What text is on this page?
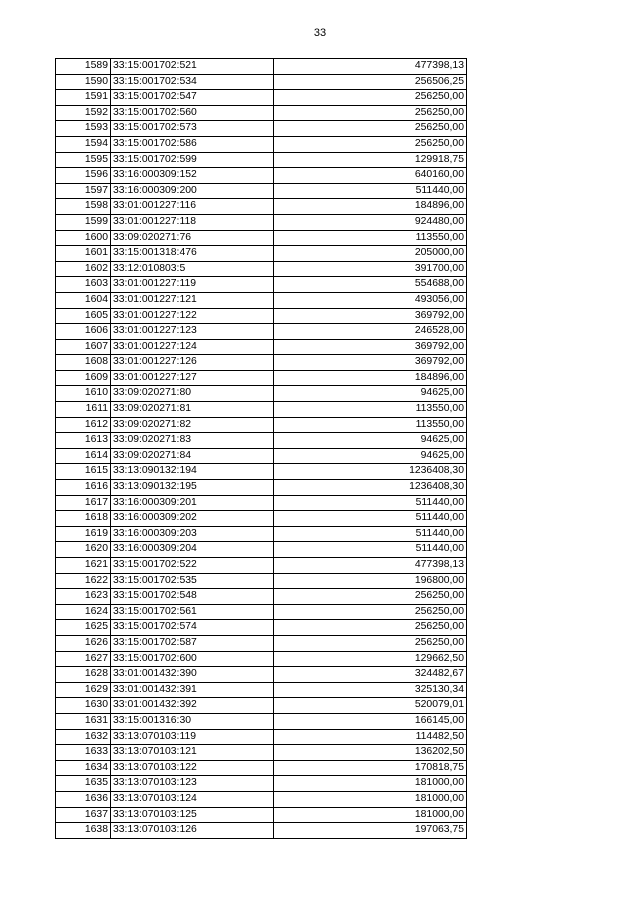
33
1589	33:15:001702:521	477398,13
1590	33:15:001702:534	256506,25
1591	33:15:001702:547	256250,00
1592	33:15:001702:560	256250,00
1593	33:15:001702:573	256250,00
1594	33:15:001702:586	256250,00
1595	33:15:001702:599	129918,75
1596	33:16:000309:152	640160,00
1597	33:16:000309:200	511440,00
1598	33:01:001227:116	184896,00
1599	33:01:001227:118	924480,00
1600	33:09:020271:76	113550,00
1601	33:15:001318:476	205000,00
1602	33:12:010803:5	391700,00
1603	33:01:001227:119	554688,00
1604	33:01:001227:121	493056,00
1605	33:01:001227:122	369792,00
1606	33:01:001227:123	246528,00
1607	33:01:001227:124	369792,00
1608	33:01:001227:126	369792,00
1609	33:01:001227:127	184896,00
1610	33:09:020271:80	94625,00
1611	33:09:020271:81	113550,00
1612	33:09:020271:82	113550,00
1613	33:09:020271:83	94625,00
1614	33:09:020271:84	94625,00
1615	33:13:090132:194	1236408,30
1616	33:13:090132:195	1236408,30
1617	33:16:000309:201	511440,00
1618	33:16:000309:202	511440,00
1619	33:16:000309:203	511440,00
1620	33:16:000309:204	511440,00
1621	33:15:001702:522	477398,13
1622	33:15:001702:535	196800,00
1623	33:15:001702:548	256250,00
1624	33:15:001702:561	256250,00
1625	33:15:001702:574	256250,00
1626	33:15:001702:587	256250,00
1627	33:15:001702:600	129662,50
1628	33:01:001432:390	324482,67
1629	33:01:001432:391	325130,34
1630	33:01:001432:392	520079,01
1631	33:15:001316:30	166145,00
1632	33:13:070103:119	114482,50
1633	33:13:070103:121	136202,50
1634	33:13:070103:122	170818,75
1635	33:13:070103:123	181000,00
1636	33:13:070103:124	181000,00
1637	33:13:070103:125	181000,00
1638	33:13:070103:126	197063,75
